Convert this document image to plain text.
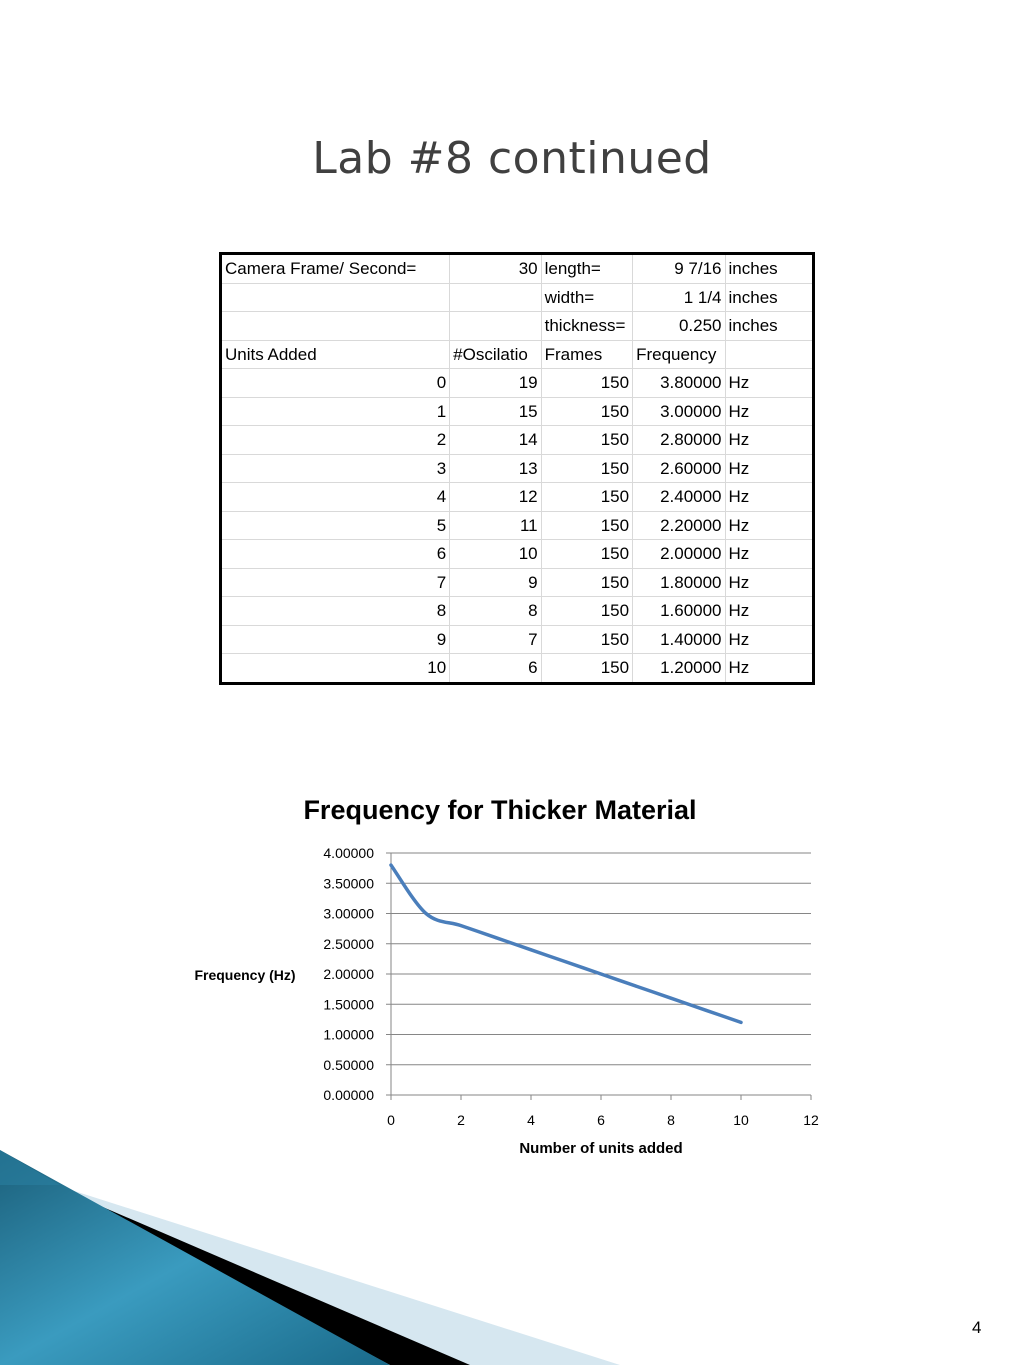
Lab #8 continued
Camera Frame/ Second=	30	length=	9 7/16	inches
		width=	1 1/4	inches
		thickness=	0.250	inches
Units Added	#Oscilatio	Frames	Frequency	
0	19	150	3.80000	Hz
1	15	150	3.00000	Hz
2	14	150	2.80000	Hz
3	13	150	2.60000	Hz
4	12	150	2.40000	Hz
5	11	150	2.20000	Hz
6	10	150	2.00000	Hz
7	9	150	1.80000	Hz
8	8	150	1.60000	Hz
9	7	150	1.40000	Hz
10	6	150	1.20000	Hz
Frequency for Thicker Material
0.00000
0.50000
1.00000
1.50000
2.00000
2.50000
3.00000
3.50000
4.00000
0	2	4	6	8	10	12
Frequency (Hz)
Number of units added
4
